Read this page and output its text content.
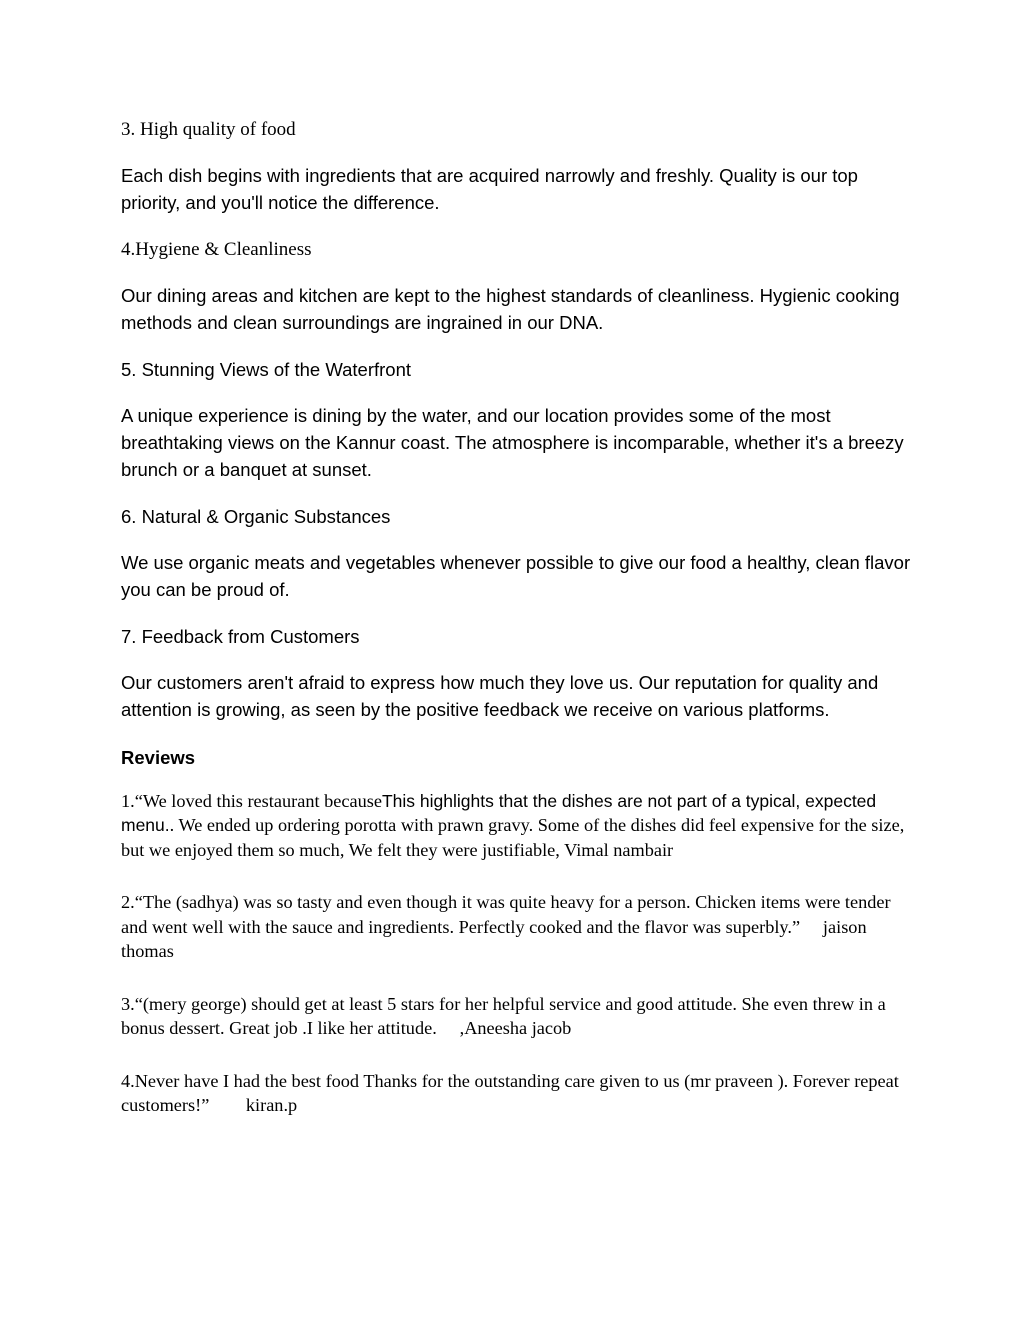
3. High quality of food

Each dish begins with ingredients that are acquired narrowly and freshly. Quality is our top priority, and you'll notice the difference.

4.Hygiene & Cleanliness

Our dining areas and kitchen are kept to the highest standards of cleanliness. Hygienic cooking methods and clean surroundings are ingrained in our DNA.

5. Stunning Views of the Waterfront

A unique experience is dining by the water, and our location provides some of the most breathtaking views on the Kannur coast. The atmosphere is incomparable, whether it's a breezy brunch or a banquet at sunset.

6. Natural & Organic Substances

We use organic meats and vegetables whenever possible to give our food a healthy, clean flavor you can be proud of.

7. Feedback from Customers

Our customers aren't afraid to express how much they love us. Our reputation for quality and attention is growing, as seen by the positive feedback we receive on various platforms.

Reviews

1.“We loved this restaurant becauseThis highlights that the dishes are not part of a typical, expected menu.. We ended up ordering porotta with prawn gravy. Some of the dishes did feel expensive for the size, but we enjoyed them so much, We felt they were justifiable, Vimal nambair

2.“The (sadhya) was so tasty and even though it was quite heavy for a person. Chicken items were tender and went well with the sauce and ingredients. Perfectly cooked and the flavor was superbly.” jaison thomas

3.“(mery george) should get at least 5 stars for her helpful service and good attitude. She even threw in a bonus dessert. Great job .I like her attitude. ,Aneesha jacob

4.Never have I had the best food Thanks for the outstanding care given to us (mr praveen ). Forever repeat customers!” kiran.p
